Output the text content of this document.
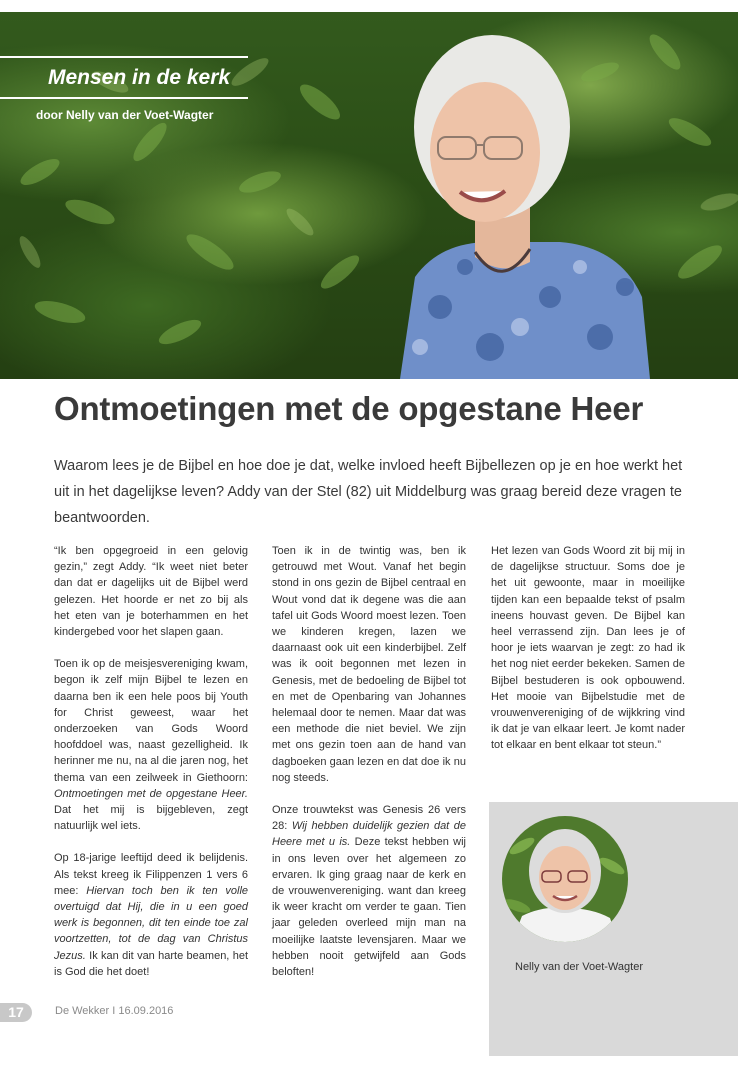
Mensen in de kerk
door Nelly van der Voet-Wagter
Ontmoetingen met de opgestane Heer

Waarom lees je de Bijbel en hoe doe je dat, welke invloed heeft Bijbellezen op je en hoe werkt het uit in het dagelijkse leven? Addy van der Stel (82) uit Middelburg was graag bereid deze vragen te beantwoorden.

“Ik ben opgegroeid in een gelovig gezin,” zegt Addy. “Ik weet niet beter dan dat er dagelijks uit de Bijbel werd gelezen. Het hoorde er net zo bij als het eten van je boterhammen en het kindergebed voor het slapen gaan.

Toen ik op de meisjesvereniging kwam, begon ik zelf mijn Bijbel te lezen en daarna ben ik een hele poos bij Youth for Christ geweest, waar het onderzoeken van Gods Woord hoofddoel was, naast gezelligheid. Ik herinner me nu, na al die jaren nog, het thema van een zeilweek in Giethoorn: Ontmoetingen met de opgestane Heer. Dat het mij is bijgebleven, zegt natuurlijk wel iets.

Op 18-jarige leeftijd deed ik belijdenis. Als tekst kreeg ik Filippenzen 1 vers 6 mee: Hiervan toch ben ik ten volle overtuigd dat Hij, die in u een goed werk is begonnen, dit ten einde toe zal voortzetten, tot de dag van Christus Jezus. Ik kan dit van harte beamen, het is God die het doet!

Toen ik in de twintig was, ben ik getrouwd met Wout. Vanaf het begin stond in ons gezin de Bijbel centraal en Wout vond dat ik degene was die aan tafel uit Gods Woord moest lezen. Toen we kinderen kregen, lazen we daarnaast ook uit een kinderbijbel. Zelf was ik ooit begonnen met lezen in Genesis, met de bedoeling de Bijbel tot en met de Openbaring van Johannes helemaal door te nemen. Maar dat was een methode die niet beviel. We zijn met ons gezin toen aan de hand van dagboeken gaan lezen en dat doe ik nu nog steeds.

Onze trouwtekst was Genesis 26 vers 28: Wij hebben duidelijk gezien dat de Heere met u is. Deze tekst hebben wij in ons leven over het algemeen zo ervaren. Ik ging graag naar de kerk en de vrouwenvereniging. want dan kreeg ik weer kracht om verder te gaan. Tien jaar geleden overleed mijn man na moeilijke laatste levensjaren. Maar we hebben nooit getwijfeld aan Gods beloften!

Het lezen van Gods Woord zit bij mij in de dagelijkse structuur. Soms doe je het uit gewoonte, maar in moeilijke tijden kan een bepaalde tekst of psalm ineens houvast geven. De Bijbel kan heel verrassend zijn. Dan lees je of hoor je iets waarvan je zegt: zo had ik het nog niet eerder bekeken. Samen de Bijbel bestuderen is ook opbouwend. Het mooie van Bijbelstudie met de vrouwenvereniging of de wijkkring vind ik dat je van elkaar leert. Je komt nader tot elkaar en bent elkaar tot steun.”

Nelly van der Voet-Wagter
17	De Wekker I 16.09.2016
